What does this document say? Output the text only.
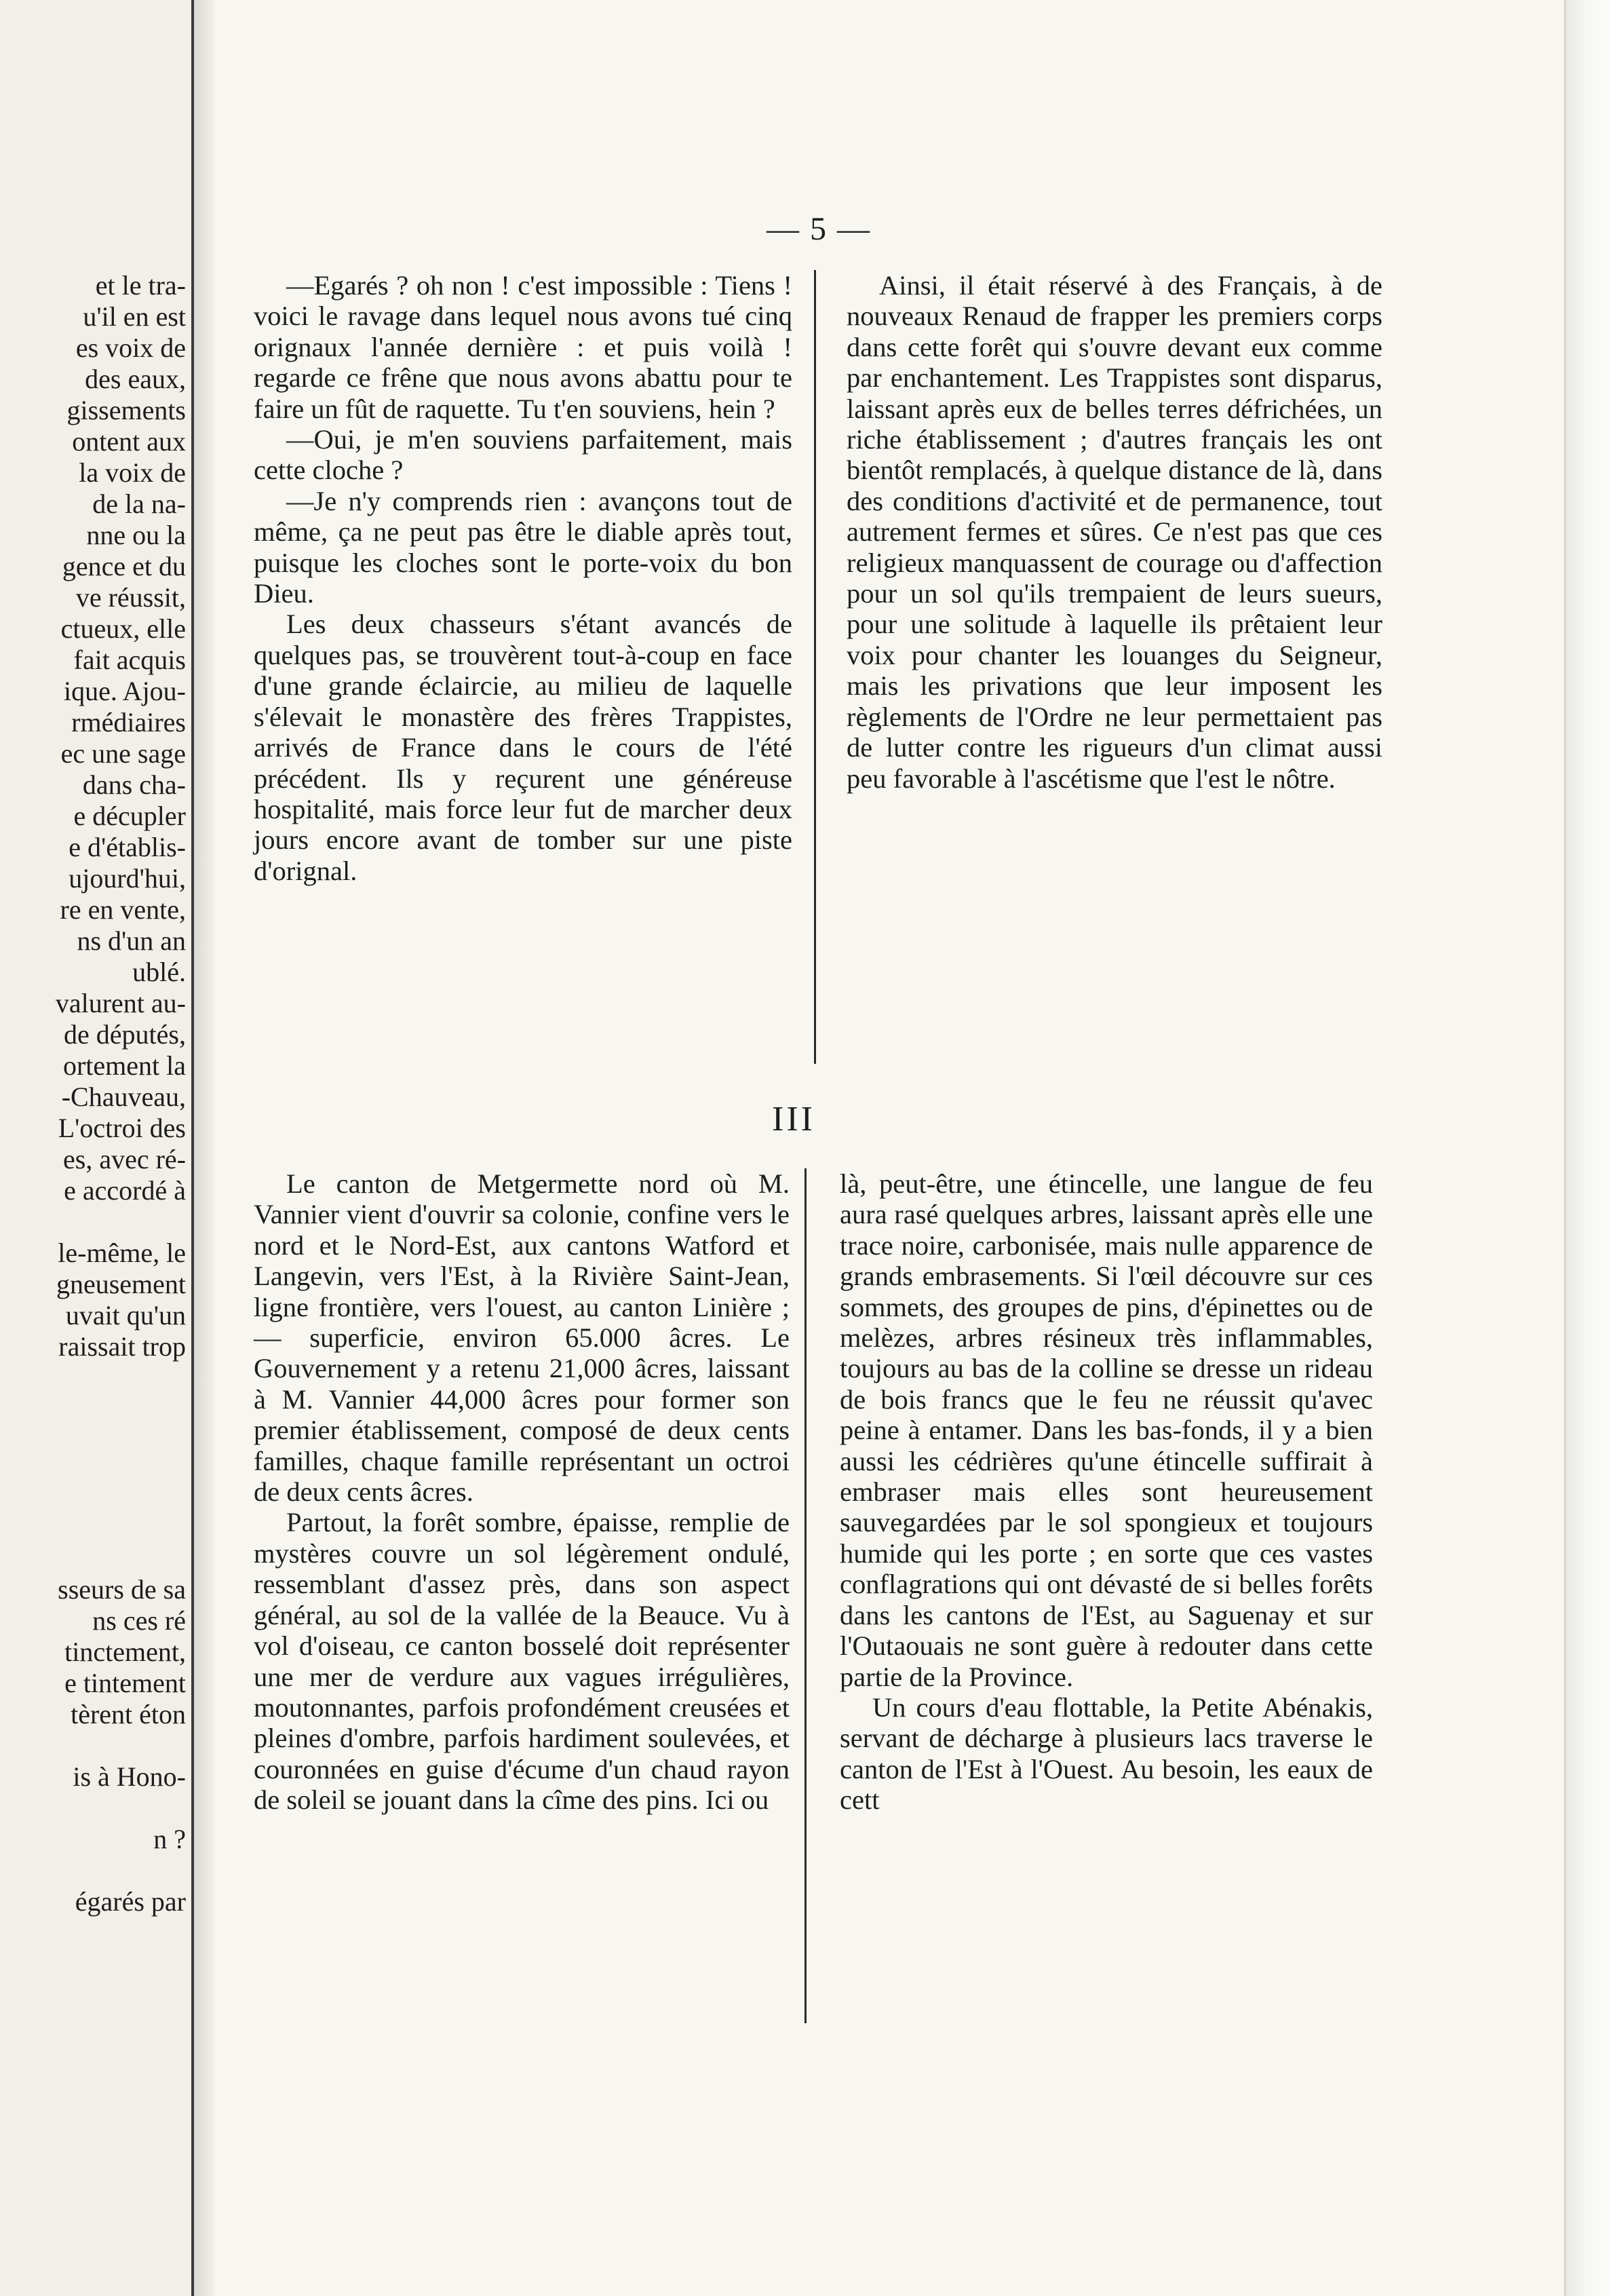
et le tra-
u'il en est
es voix de
des eaux,
gissements
ontent aux
la voix de
de la na-
nne ou la
gence et du
ve réussit,
ctueux, elle
fait acquis
ique. Ajou-
rmédiaires
ec une sage
dans cha-
e décupler
e d'établis-
ujourd'hui,
re en vente,
ns d'un an
ublé.
valurent au-
de députés,
ortement la
-Chauveau,
L'octroi des
es, avec ré-
e accordé à
le-même, le
gneusement
uvait qu'un
raissait trop
sseurs de sa
ns ces ré
tinctement,
e tintement
tèrent éton
is à Hono-
n ?
égarés par
— 5 —

—Egarés ? oh non ! c'est impossible : Tiens ! voici le ravage dans lequel nous avons tué cinq orignaux l'année dernière : et puis voilà ! regarde ce frêne que nous avons abattu pour te faire un fût de raquette. Tu t'en souviens, hein ?

—Oui, je m'en souviens parfaitement, mais cette cloche ?

—Je n'y comprends rien : avançons tout de même, ça ne peut pas être le diable après tout, puisque les cloches sont le porte-voix du bon Dieu.

Les deux chasseurs s'étant avancés de quelques pas, se trouvèrent tout-à-coup en face d'une grande éclaircie, au milieu de laquelle s'élevait le monastère des frères Trappistes, arrivés de France dans le cours de l'été précédent. Ils y reçurent une généreuse hospitalité, mais force leur fut de marcher deux jours encore avant de tomber sur une piste d'orignal.

Ainsi, il était réservé à des Français, à de nouveaux Renaud de frapper les premiers corps dans cette forêt qui s'ouvre devant eux comme par enchantement. Les Trappistes sont disparus, laissant après eux de belles terres défrichées, un riche établissement ; d'autres français les ont bientôt remplacés, à quelque distance de là, dans des conditions d'activité et de permanence, tout autrement fermes et sûres. Ce n'est pas que ces religieux manquassent de courage ou d'affection pour un sol qu'ils trempaient de leurs sueurs, pour une solitude à laquelle ils prêtaient leur voix pour chanter les louanges du Seigneur, mais les privations que leur imposent les règlements de l'Ordre ne leur permettaient pas de lutter contre les rigueurs d'un climat aussi peu favorable à l'ascétisme que l'est le nôtre.

III

Le canton de Metgermette nord où M. Vannier vient d'ouvrir sa colonie, confine vers le nord et le Nord-Est, aux cantons Watford et Langevin, vers l'Est, à la Rivière Saint-Jean, ligne frontière, vers l'ouest, au canton Linière ;— superficie, environ 65.000 âcres. Le Gouvernement y a retenu 21,000 âcres, laissant à M. Vannier 44,000 âcres pour former son premier établissement, composé de deux cents familles, chaque famille représentant un octroi de deux cents âcres.

Partout, la forêt sombre, épaisse, remplie de mystères couvre un sol légèrement ondulé, ressemblant d'assez près, dans son aspect général, au sol de la vallée de la Beauce. Vu à vol d'oiseau, ce canton bosselé doit représenter une mer de verdure aux vagues irrégulières, moutonnantes, parfois profondément creusées et pleines d'ombre, parfois hardiment soulevées, et couronnées en guise d'écume d'un chaud rayon de soleil se jouant dans la cîme des pins. Ici ou

là, peut-être, une étincelle, une langue de feu aura rasé quelques arbres, laissant après elle une trace noire, carbonisée, mais nulle apparence de grands embrasements. Si l'œil découvre sur ces sommets, des groupes de pins, d'épinettes ou de melèzes, arbres résineux très inflammables, toujours au bas de la colline se dresse un rideau de bois francs que le feu ne réussit qu'avec peine à entamer. Dans les bas-fonds, il y a bien aussi les cédrières qu'une étincelle suffirait à embraser mais elles sont heureusement sauvegardées par le sol spongieux et toujours humide qui les porte ; en sorte que ces vastes conflagrations qui ont dévasté de si belles forêts dans les cantons de l'Est, au Saguenay et sur l'Outaouais ne sont guère à redouter dans cette partie de la Province.

Un cours d'eau flottable, la Petite Abénakis, servant de décharge à plusieurs lacs traverse le canton de l'Est à l'Ouest. Au besoin, les eaux de cett
